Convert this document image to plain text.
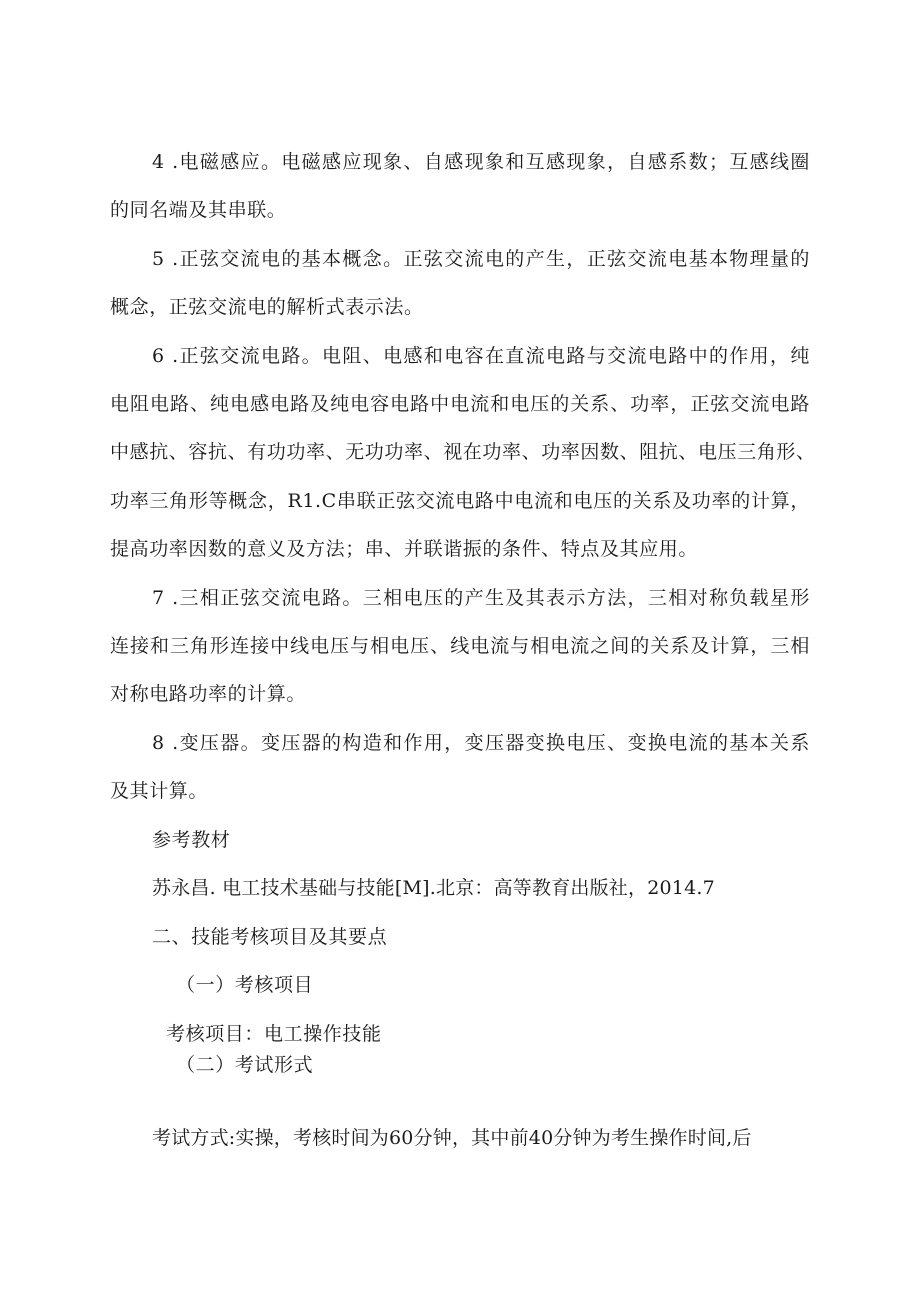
4 .电磁感应。电磁感应现象、自感现象和互感现象，自感系数；互感线圈
的同名端及其串联。
5 .正弦交流电的基本概念。正弦交流电的产生，正弦交流电基本物理量的
概念，正弦交流电的解析式表示法。
6 .正弦交流电路。电阻、电感和电容在直流电路与交流电路中的作用，纯
电阻电路、纯电感电路及纯电容电路中电流和电压的关系、功率，正弦交流电路
中感抗、容抗、有功功率、无功功率、视在功率、功率因数、阻抗、电压三角形、
功率三角形等概念，R1.C串联正弦交流电路中电流和电压的关系及功率的计算，
提高功率因数的意义及方法；串、并联谐振的条件、特点及其应用。
7 .三相正弦交流电路。三相电压的产生及其表示方法，三相对称负载星形
连接和三角形连接中线电压与相电压、线电流与相电流之间的关系及计算，三相
对称电路功率的计算。
8 .变压器。变压器的构造和作用，变压器变换电压、变换电流的基本关系
及其计算。
参考教材
苏永昌. 电工技术基础与技能[M].北京：高等教育出版社，2014.7
二、技能考核项目及其要点
（一）考核项目
考核项目：电工操作技能
（二）考试形式
考试方式:实操，考核时间为60分钟，其中前40分钟为考生操作时间,后
